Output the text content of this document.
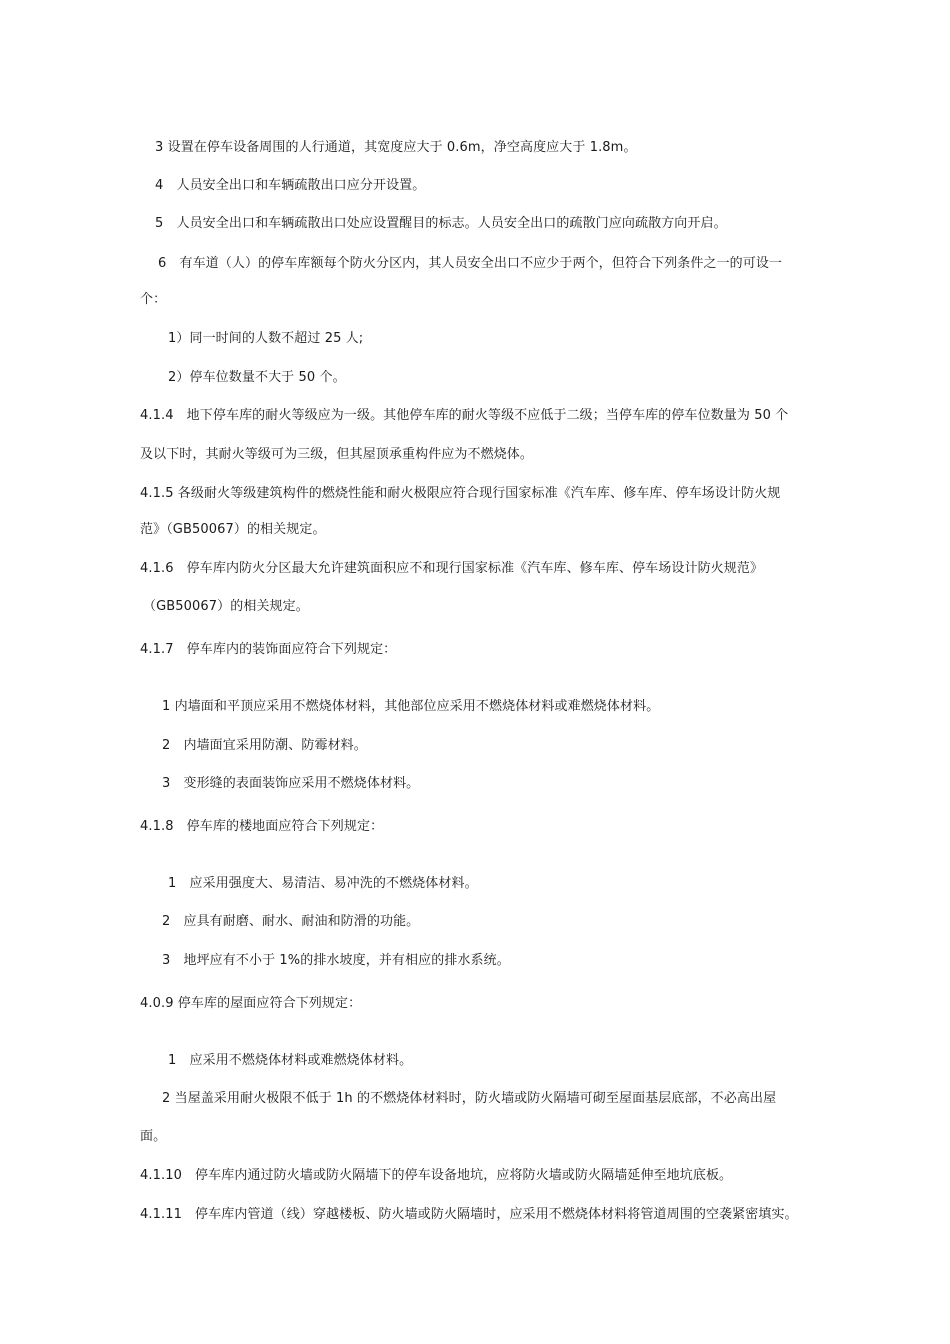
3 设置在停车设备周围的人行通道，其宽度应大于 0.6m，净空高度应大于 1.8m。
4　人员安全出口和车辆疏散出口应分开设置。
5　人员安全出口和车辆疏散出口处应设置醒目的标志。人员安全出口的疏散门应向疏散方向开启。
6　有车道（人）的停车库额每个防火分区内，其人员安全出口不应少于两个，但符合下列条件之一的可设一
个：
1）同一时间的人数不超过 25 人;
2）停车位数量不大于 50 个。
4.1.4　地下停车库的耐火等级应为一级。其他停车库的耐火等级不应低于二级；当停车库的停车位数量为 50 个
及以下时，其耐火等级可为三级，但其屋顶承重构件应为不燃烧体。
4.1.5 各级耐火等级建筑构件的燃烧性能和耐火极限应符合现行国家标准《汽车库、修车库、停车场设计防火规
范》（GB50067）的相关规定。
4.1.6　停车库内防火分区最大允许建筑面积应不和现行国家标准《汽车库、修车库、停车场设计防火规范》
（GB50067）的相关规定。
4.1.7　停车库内的装饰面应符合下列规定：
1 内墙面和平顶应采用不燃烧体材料，其他部位应采用不燃烧体材料或难燃烧体材料。
2　内墙面宜采用防潮、防霉材料。
3　变形缝的表面装饰应采用不燃烧体材料。
4.1.8　停车库的楼地面应符合下列规定：
1　应采用强度大、易清洁、易冲洗的不燃烧体材料。
2　应具有耐磨、耐水、耐油和防滑的功能。
3　地坪应有不小于 1%的排水坡度，并有相应的排水系统。
4.0.9 停车库的屋面应符合下列规定：
1　应采用不燃烧体材料或难燃烧体材料。
2 当屋盖采用耐火极限不低于 1h 的不燃烧体材料时，防火墙或防火隔墙可砌至屋面基层底部，不必高出屋
面。
4.1.10　停车库内通过防火墙或防火隔墙下的停车设备地坑，应将防火墙或防火隔墙延伸至地坑底板。
4.1.11　停车库内管道（线）穿越楼板、防火墙或防火隔墙时，应采用不燃烧体材料将管道周围的空袭紧密填实。
